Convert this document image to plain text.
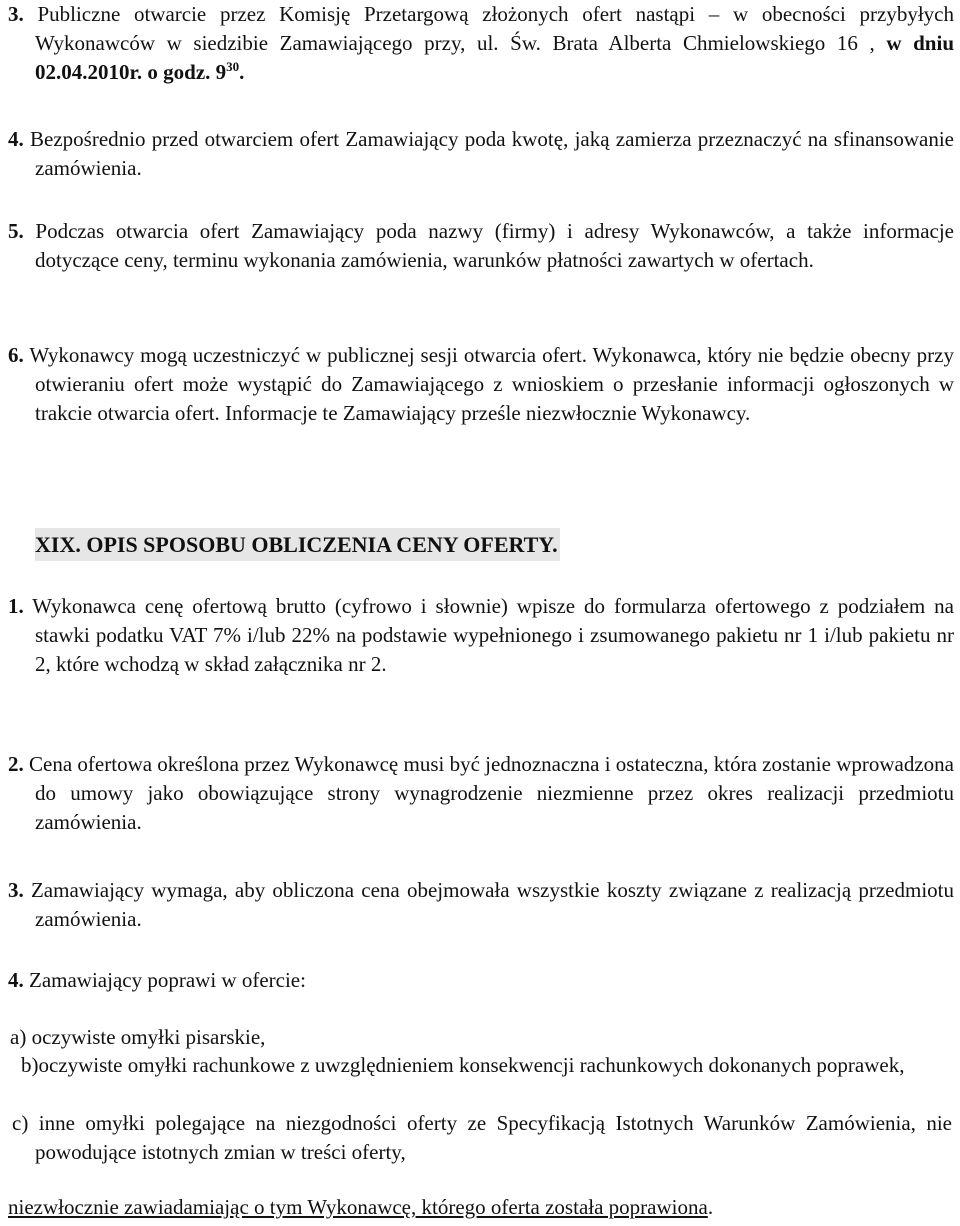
3. Publiczne otwarcie przez Komisję Przetargową złożonych ofert nastąpi – w obecności przybyłych Wykonawców w siedzibie Zamawiającego przy, ul. Św. Brata Alberta Chmielowskiego 16 , w dniu 02.04.2010r. o godz. $9^{30}$.

4. Bezpośrednio przed otwarciem ofert Zamawiający poda kwotę, jaką zamierza przeznaczyć na sfinansowanie zamówienia.

5. Podczas otwarcia ofert Zamawiający poda nazwy (firmy) i adresy Wykonawców, a także informacje dotyczące ceny, terminu wykonania zamówienia, warunków płatności zawartych w ofertach.

6. Wykonawcy mogą uczestniczyć w publicznej sesji otwarcia ofert. Wykonawca, który nie będzie obecny przy otwieraniu ofert może wystąpić do Zamawiającego z wnioskiem o przesłanie informacji ogłoszonych w trakcie otwarcia ofert. Informacje te Zamawiający prześle niezwłocznie Wykonawcy.

XIX. OPIS SPOSOBU OBLICZENIA CENY OFERTY.

1. Wykonawca cenę ofertową brutto (cyfrowo i słownie) wpisze do formularza ofertowego z podziałem na stawki podatku VAT 7% i/lub 22% na podstawie wypełnionego i zsumowanego pakietu nr 1 i/lub pakietu nr 2, które wchodzą w skład załącznika nr 2.

2. Cena ofertowa określona przez Wykonawcę musi być jednoznaczna i ostateczna, która zostanie wprowadzona do umowy jako obowiązujące strony wynagrodzenie niezmienne przez okres realizacji przedmiotu zamówienia.

3. Zamawiający wymaga, aby obliczona cena obejmowała wszystkie koszty związane z realizacją przedmiotu zamówienia.

4. Zamawiający poprawi w ofercie:

a) oczywiste omyłki pisarskie,

b)oczywiste omyłki rachunkowe z uwzględnieniem konsekwencji rachunkowych dokonanych poprawek,

c) inne omyłki polegające na niezgodności oferty ze Specyfikacją Istotnych Warunków Zamówienia, nie powodujące istotnych zmian w treści oferty,

niezwłocznie zawiadamiając o tym Wykonawcę, którego oferta została poprawiona.
